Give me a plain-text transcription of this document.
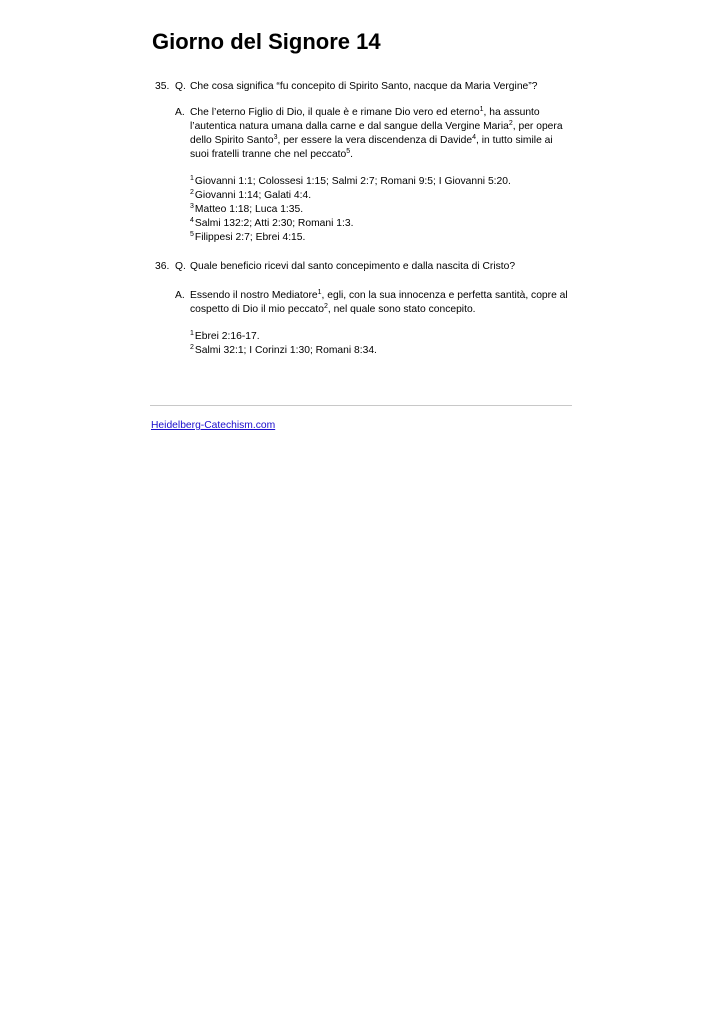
Giorno del Signore 14
35. Q. Che cosa significa “fu concepito di Spirito Santo, nacque da Maria Vergine”?
A. Che l’eterno Figlio di Dio, il quale è e rimane Dio vero ed eterno$^1$, ha assunto l’autentica natura umana dalla carne e dal sangue della Vergine Maria$^2$, per opera dello Spirito Santo$^3$, per essere la vera discendenza di Davide$^4$, in tutto simile ai suoi fratelli tranne che nel peccato$^5$.
$^1$Giovanni 1:1; Colossesi 1:15; Salmi 2:7; Romani 9:5; I Giovanni 5:20.
$^2$Giovanni 1:14; Galati 4:4.
$^3$Matteo 1:18; Luca 1:35.
$^4$Salmi 132:2; Atti 2:30; Romani 1:3.
$^5$Filippesi 2:7; Ebrei 4:15.
36. Q. Quale beneficio ricevi dal santo concepimento e dalla nascita di Cristo?
A. Essendo il nostro Mediatore$^1$, egli, con la sua innocenza e perfetta santità, copre al cospetto di Dio il mio peccato$^2$, nel quale sono stato concepito.
$^1$Ebrei 2:16-17.
$^2$Salmi 32:1; I Corinzi 1:30; Romani 8:34.
Heidelberg-Catechism.com
